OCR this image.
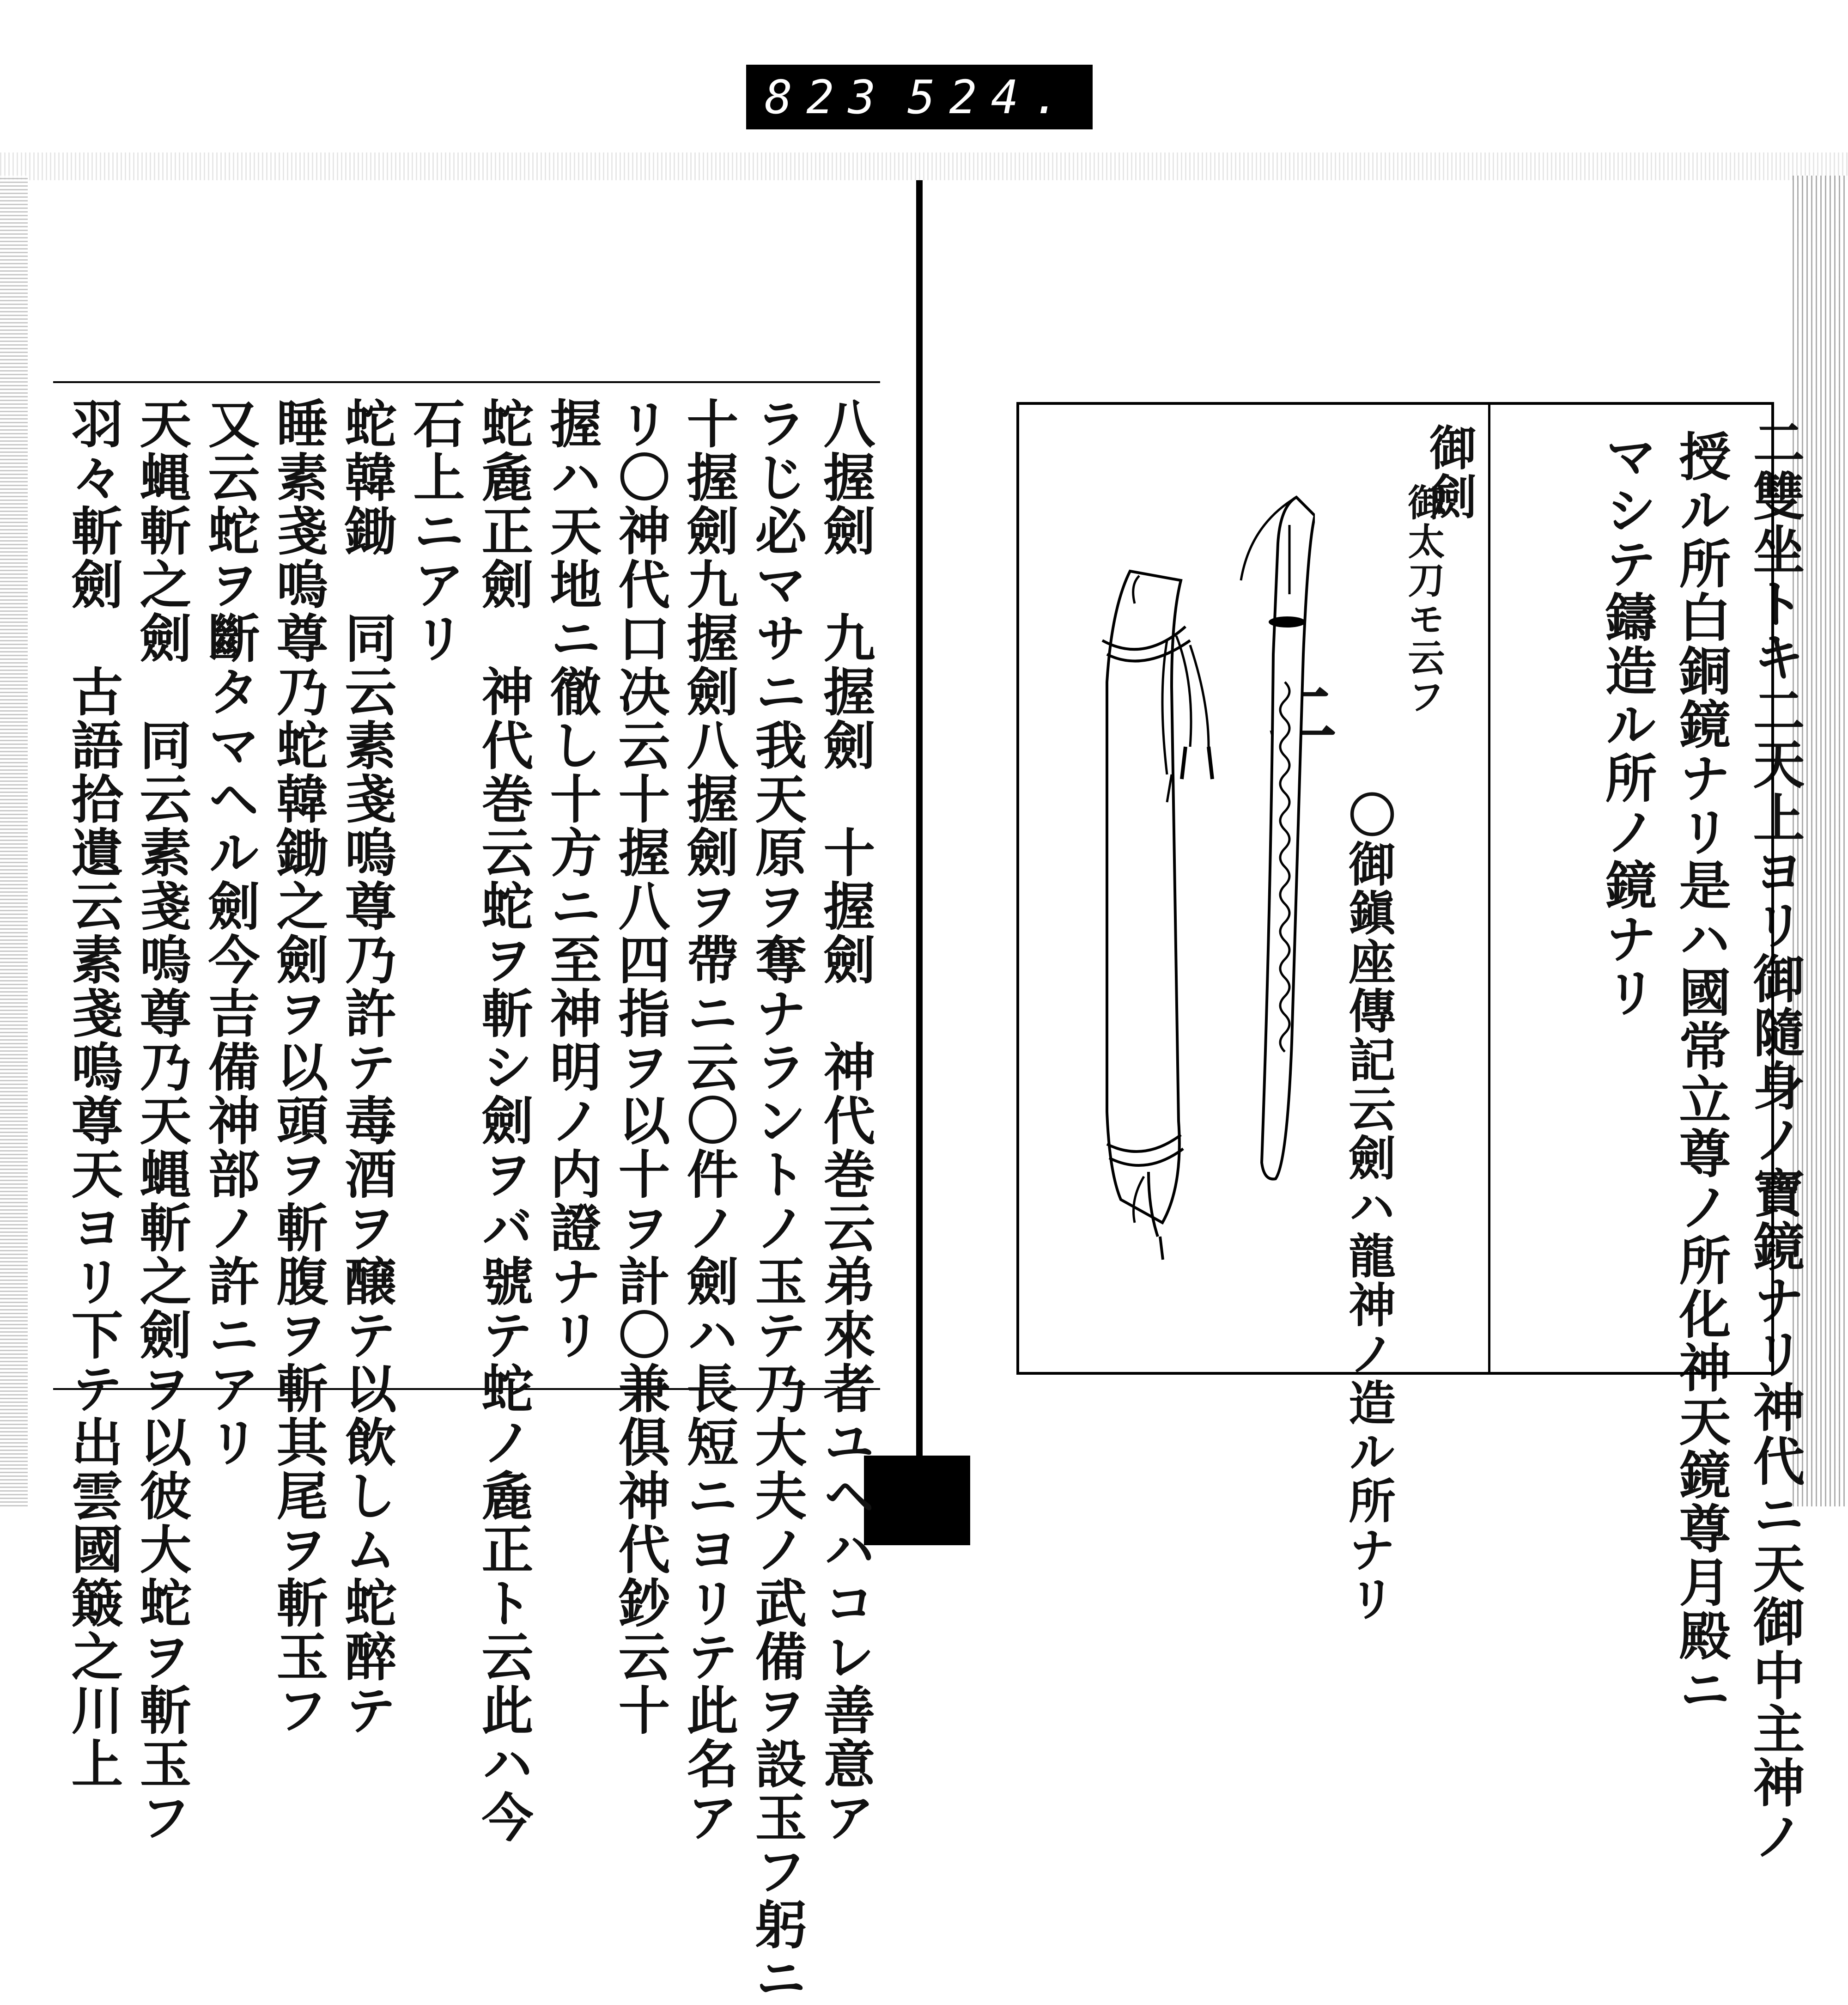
823 524.
八握劍　九握劍　十握劍　神代巻云弟來者ユヘハコレ善意ア
ラじ必マサニ我天原ヲ奪ナラントノ玉テ乃大夫ノ武備ヲ設玉フ躬ニ
十握劍九握劍八握劍ヲ帶ニ云〇件ノ劍ハ長短ニヨリテ此名ア
リ〇神代口决云十握八四指ヲ以十ヲ計〇兼俱神代鈔云十
握ハ天地ニ徹し十方ニ至神明ノ内證ナリ
蛇麁正劍　神代巻云蛇ヲ斬シ劍ヲバ號テ蛇ノ麁正ト云此ハ今
石上ニアリ
蛇韓鋤　同云素戔嗚尊乃許テ毒酒ヲ醸テ以飲しム蛇醉テ
睡素戔嗚尊乃蛇韓鋤之劍ヲ以頭ヲ斬腹ヲ斬其尾ヲ斬玉フ
又云蛇ヲ斷タマヘル劍今吉備神部ノ許ニアリ
天蝿斬之劍　同云素戔嗚尊乃天蝿斬之劍ヲ以彼大蛇ヲ斬玉フ
羽々斬劍　古語拾遺云素戔嗚尊天ヨリ下テ出雲國簸之川上	二雙坐トキ二天上ヨリ御隨身ノ寶鏡ナリ神代ニ天御中主神ノ
授ル所白銅鏡ナリ是ハ國常立尊ノ所化神天鏡尊月殿ニ
マシテ鑄造ル所ノ鏡ナリ
御劍
御太刀モ云フ
〇御鎭座傳記云劍ハ龍神ノ造ル所ナリ
